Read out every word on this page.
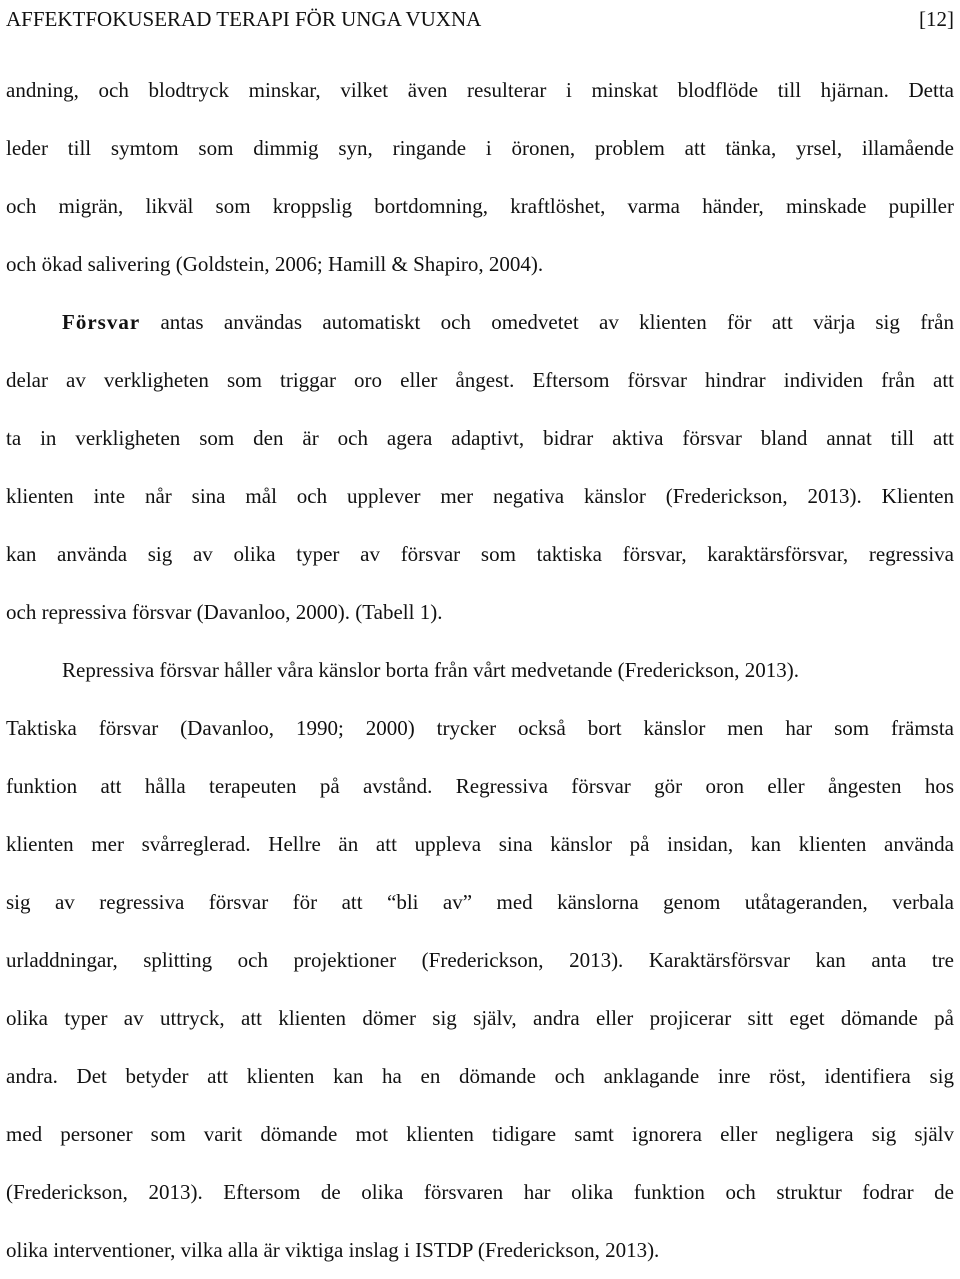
AFFEKTFOKUSERAD TERAPI FÖR UNGA VUXNA	[12]
andning, och blodtryck minskar, vilket även resulterar i minskat blodflöde till hjärnan. Detta
leder till symtom som dimmig syn, ringande i öronen, problem att tänka, yrsel, illamående
och migrän, likväl som kroppslig bortdomning, kraftlöshet, varma händer, minskade pupiller
och ökad salivering (Goldstein, 2006; Hamill & Shapiro, 2004).
Försvar antas användas automatiskt och omedvetet av klienten för att värja sig från
delar av verkligheten som triggar oro eller ångest. Eftersom försvar hindrar individen från att
ta in verkligheten som den är och agera adaptivt, bidrar aktiva försvar bland annat till att
klienten inte når sina mål och upplever mer negativa känslor (Frederickson, 2013). Klienten
kan använda sig av olika typer av försvar som taktiska försvar, karaktärsförsvar, regressiva
och repressiva försvar (Davanloo, 2000). (Tabell 1).
Repressiva försvar håller våra känslor borta från vårt medvetande (Frederickson, 2013).
Taktiska försvar (Davanloo, 1990; 2000) trycker också bort känslor men har som främsta
funktion att hålla terapeuten på avstånd. Regressiva försvar gör oron eller ångesten hos
klienten mer svårreglerad. Hellre än att uppleva sina känslor på insidan, kan klienten använda
sig av regressiva försvar för att “bli av” med känslorna genom utåtageranden, verbala
urladdningar, splitting och projektioner (Frederickson, 2013). Karaktärsförsvar kan anta tre
olika typer av uttryck, att klienten dömer sig själv, andra eller projicerar sitt eget dömande på
andra. Det betyder att klienten kan ha en dömande och anklagande inre röst, identifiera sig
med personer som varit dömande mot klienten tidigare samt ignorera eller negligera sig själv
(Frederickson, 2013). Eftersom de olika försvaren har olika funktion och struktur fodrar de
olika interventioner, vilka alla är viktiga inslag i ISTDP (Frederickson, 2013).
